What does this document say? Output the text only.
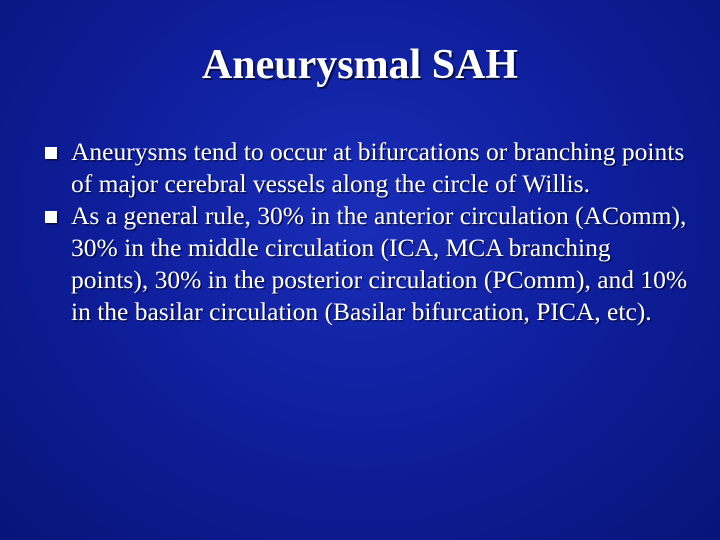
Aneurysmal SAH
Aneurysms tend to occur at bifurcations or branching points of major cerebral vessels along the circle of Willis.
As a general rule, 30% in the anterior circulation (AComm), 30% in the middle circulation (ICA, MCA branching points), 30% in the posterior circulation (PComm), and 10% in the basilar circulation (Basilar bifurcation, PICA, etc).
